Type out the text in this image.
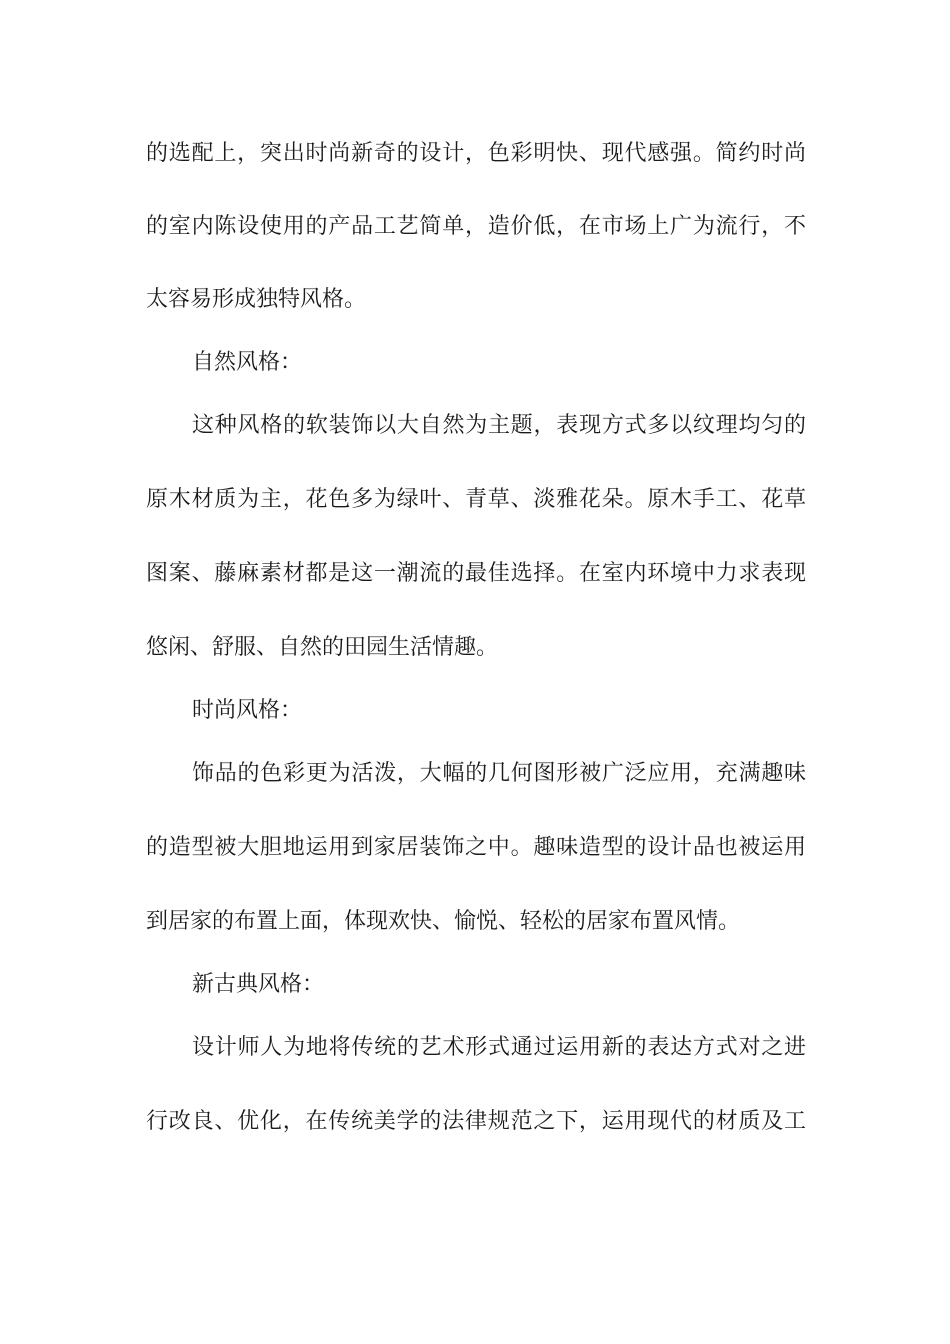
的选配上，突出时尚新奇的设计，色彩明快、现代感强。简约时尚
的室内陈设使用的产品工艺简单，造价低，在市场上广为流行，不
太容易形成独特风格。
自然风格：
这种风格的软装饰以大自然为主题，表现方式多以纹理均匀的
原木材质为主，花色多为绿叶、青草、淡雅花朵。原木手工、花草
图案、藤麻素材都是这一潮流的最佳选择。在室内环境中力求表现
悠闲、舒服、自然的田园生活情趣。
时尚风格：
饰品的色彩更为活泼，大幅的几何图形被广泛应用，充满趣味
的造型被大胆地运用到家居装饰之中。趣味造型的设计品也被运用
到居家的布置上面，体现欢快、愉悦、轻松的居家布置风情。
新古典风格：
设计师人为地将传统的艺术形式通过运用新的表达方式对之进
行改良、优化，在传统美学的法律规范之下，运用现代的材质及工
